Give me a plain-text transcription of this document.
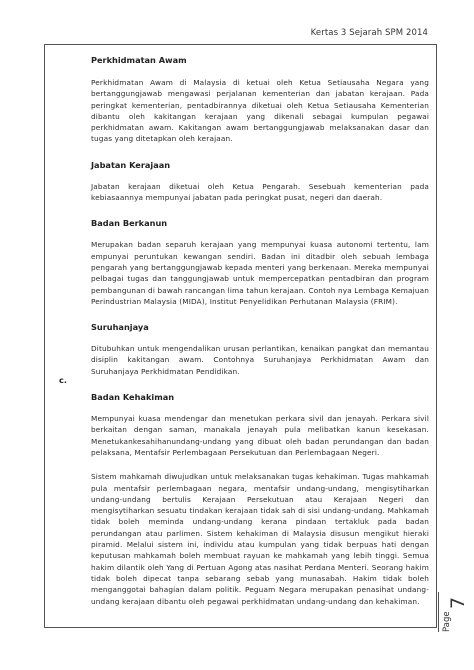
Kertas 3 Sejarah SPM 2014
c.
Perkhidmatan Awam

Perkhidmatan Awam di Malaysia di ketuai oleh Ketua Setiausaha Negara yang bertanggungjawab mengawasi perjalanan kementerian dan jabatan kerajaan. Pada peringkat kementerian, pentadbirannya diketuai oleh Ketua Setiausaha Kementerian dibantu oleh kakitangan kerajaan yang dikenali sebagai kumpulan pegawai perkhidmatan awam. Kakitangan awam bertanggungjawab melaksanakan dasar dan tugas yang ditetapkan oleh kerajaan.

Jabatan Kerajaan

Jabatan kerajaan diketuai oleh Ketua Pengarah. Sesebuah kementerian pada kebiasaannya mempunyai jabatan pada peringkat pusat, negeri dan daerah.

Badan Berkanun

Merupakan badan separuh kerajaan yang mempunyai kuasa autonomi tertentu, lam empunyai peruntukan kewangan sendiri. Badan ini ditadbir oleh sebuah lembaga pengarah yang bertanggungjawab kepada menteri yang berkenaan. Mereka mempunyai pelbagai tugas dan tanggungjawab untuk mempercepatkan pentadbiran dan program pembangunan di bawah rancangan lima tahun kerajaan. Contoh nya Lembaga Kemajuan Perindustrian Malaysia (MIDA), Institut Penyelidikan Perhutanan Malaysia (FRIM).

Suruhanjaya

Ditubuhkan untuk mengendalikan urusan perlantikan, kenaikan pangkat dan memantau disiplin kakitangan awam. Contohnya Suruhanjaya Perkhidmatan Awam dan Suruhanjaya Perkhidmatan Pendidikan.

Badan Kehakiman

Mempunyai kuasa mendengar dan menetukan perkara sivil dan jenayah. Perkara sivil berkaitan dengan saman, manakala jenayah pula melibatkan kanun kesekasan. Menetukankesahihanundang-undang yang dibuat oleh badan perundangan dan badan pelaksana, Mentafsir Perlembagaan Persekutuan dan Perlembagaan Negeri.

Sistem mahkamah diwujudkan untuk melaksanakan tugas kehakiman. Tugas mahkamah pula mentafsir perlembagaan negara, mentafsir undang-undang, mengisytiharkan undang-undang bertulis Kerajaan Persekutuan atau Kerajaan Negeri dan mengisytiharkan sesuatu tindakan kerajaan tidak sah di sisi undang-undang. Mahkamah tidak boleh meminda undang-undang kerana pindaan tertakluk pada badan perundangan atau parlimen. Sistem kehakiman di Malaysia disusun mengikut hieraki piramid. Melalui sistem ini, individu atau kumpulan yang tidak berpuas hati dengan keputusan mahkamah boleh membuat rayuan ke mahkamah yang lebih tinggi. Semua hakim dilantik oleh Yang di Pertuan Agong atas nasihat Perdana Menteri. Seorang hakim tidak boleh dipecat tanpa sebarang sebab yang munasabah. Hakim tidak boleh menganggotai bahagian dalam politik. Peguam Negara merupakan penasihat undang-undang kerajaan dibantu oleh pegawai perkhidmatan undang-undang dan kehakiman.

Page
7
